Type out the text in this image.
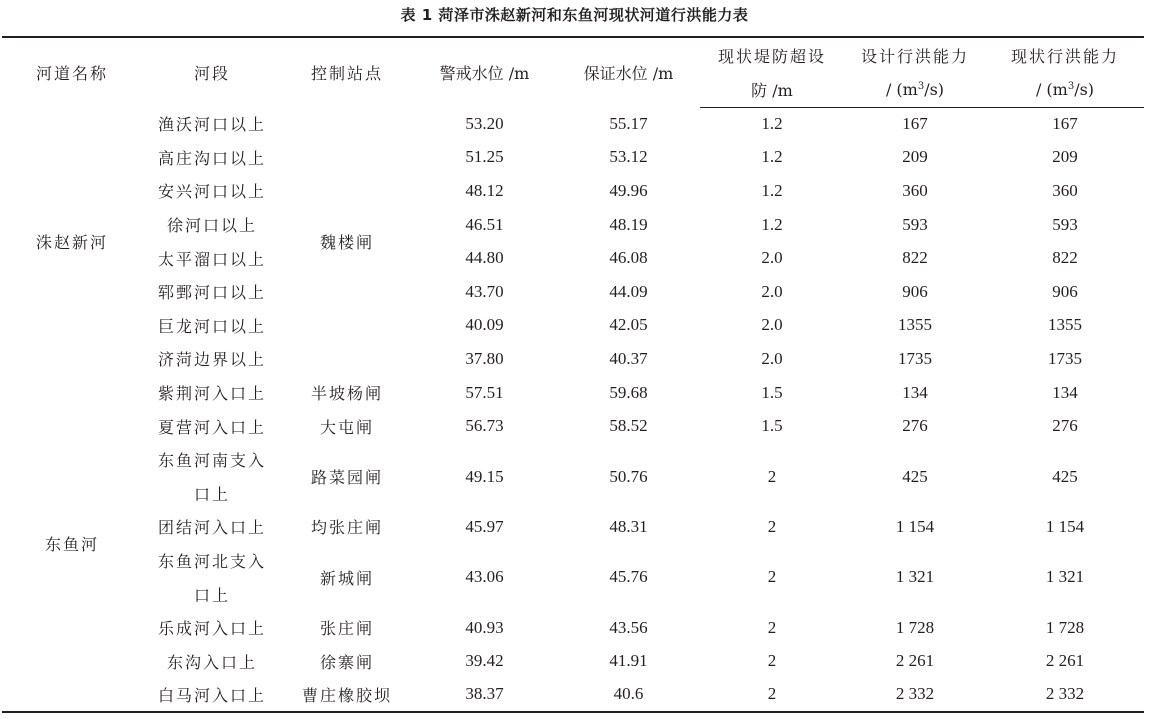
表 1 菏泽市洙赵新河和东鱼河现状河道行洪能力表
河道名称	河段	控制站点	警戒水位 /m	保证水位 /m	现状堤防超设	设计行洪能力	现状行洪能力
					防 /m	/ $(m^3/s)$	/ $(m^3/s)$
洙赵新河	渔沃河口以上	魏楼闸	53.20	55.17	1.2	167	167
	高庄沟口以上		51.25	53.12	1.2	209	209
	安兴河口以上		48.12	49.96	1.2	360	360
	徐河口以上		46.51	48.19	1.2	593	593
	太平溜口以上		44.80	46.08	2.0	822	822
	郓鄄河口以上		43.70	44.09	2.0	906	906
	巨龙河口以上		40.09	42.05	2.0	1355	1355
	济菏边界以上		37.80	40.37	2.0	1735	1735
东鱼河	紫荆河入口上	半坡杨闸	57.51	59.68	1.5	134	134
	夏营河入口上	大屯闸	56.73	58.52	1.5	276	276
	东鱼河南支入	路菜园闸	49.15	50.76	2	425	425
	口上						
	团结河入口上	均张庄闸	45.97	48.31	2	1 154	1 154
	东鱼河北支入	新城闸	43.06	45.76	2	1 321	1 321
	口上						
	乐成河入口上	张庄闸	40.93	43.56	2	1 728	1 728
	东沟入口上	徐寨闸	39.42	41.91	2	2 261	2 261
	白马河入口上	曹庄橡胶坝	38.37	40.6	2	2 332	2 332
